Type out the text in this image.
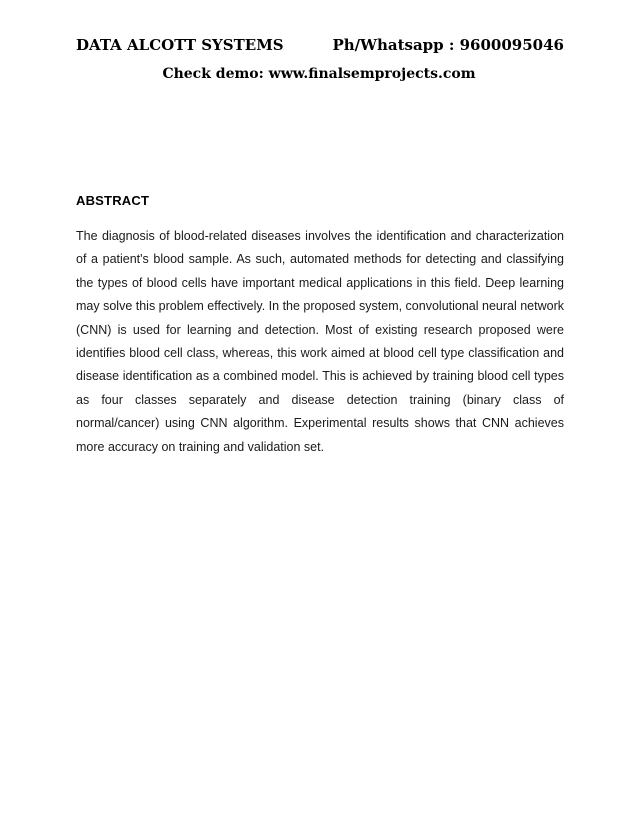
DATA ALCOTT SYSTEMS	Ph/Whatsapp : 9600095046
Check demo: www.finalsemprojects.com
ABSTRACT

The diagnosis of blood-related diseases involves the identification and characterization of a patient's blood sample. As such, automated methods for detecting and classifying the types of blood cells have important medical applications in this field. Deep learning may solve this problem effectively. In the proposed system, convolutional neural network (CNN) is used for learning and detection. Most of existing research proposed were identifies blood cell class, whereas, this work aimed at blood cell type classification and disease identification as a combined model. This is achieved by training blood cell types as four classes separately and disease detection training (binary class of normal/cancer) using CNN algorithm. Experimental results shows that CNN achieves more accuracy on training and validation set.
